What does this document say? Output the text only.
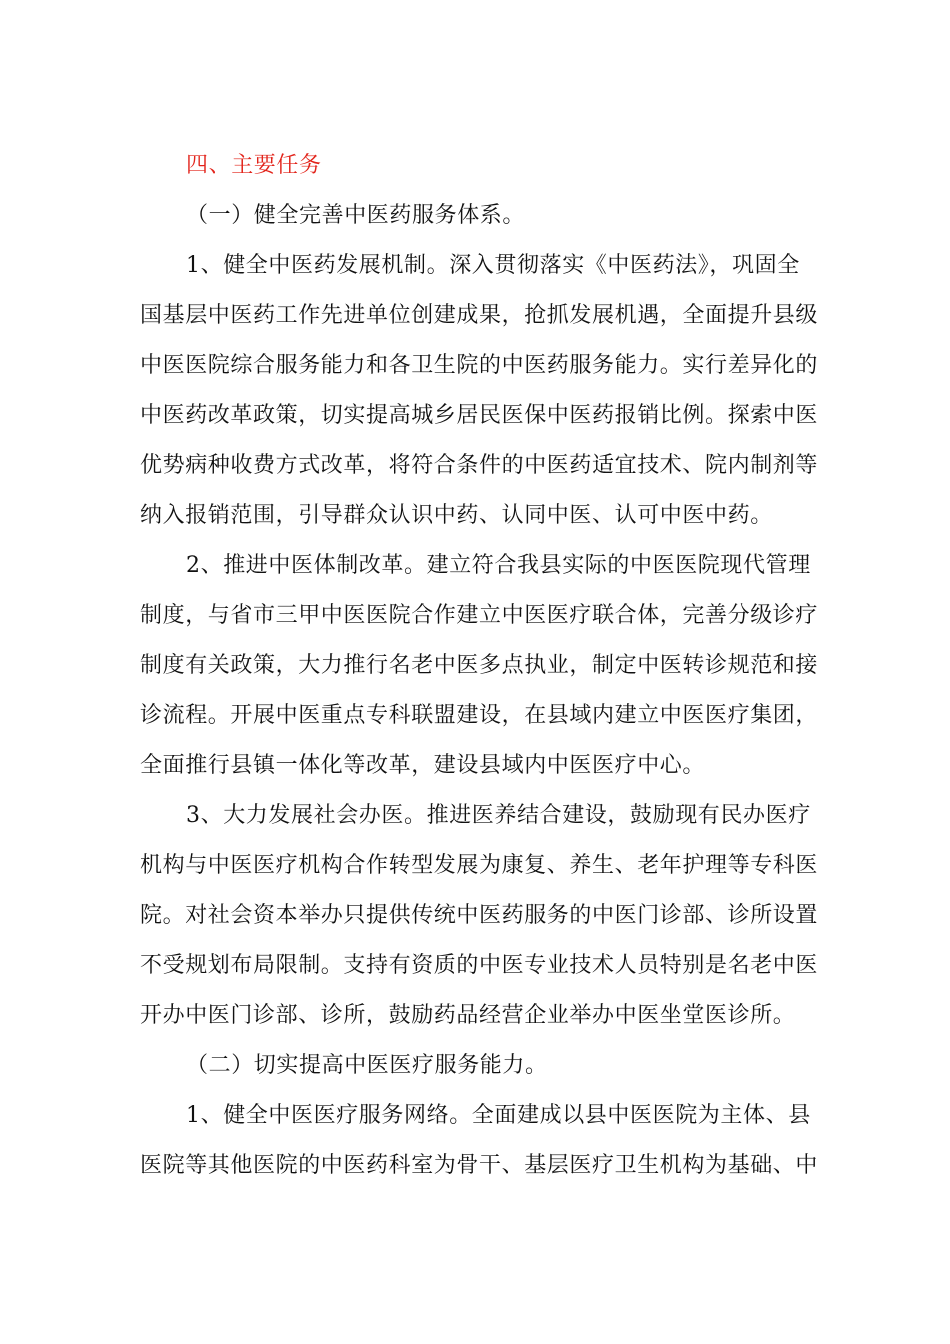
四、主要任务
（一）健全完善中医药服务体系。
1、健全中医药发展机制。深入贯彻落实《中医药法》，巩固全
国基层中医药工作先进单位创建成果，抢抓发展机遇，全面提升县级
中医医院综合服务能力和各卫生院的中医药服务能力。实行差异化的
中医药改革政策，切实提高城乡居民医保中医药报销比例。探索中医
优势病种收费方式改革，将符合条件的中医药适宜技术、院内制剂等
纳入报销范围，引导群众认识中药、认同中医、认可中医中药。
2、推进中医体制改革。建立符合我县实际的中医医院现代管理
制度，与省市三甲中医医院合作建立中医医疗联合体，完善分级诊疗
制度有关政策，大力推行名老中医多点执业，制定中医转诊规范和接
诊流程。开展中医重点专科联盟建设，在县域内建立中医医疗集团，
全面推行县镇一体化等改革，建设县域内中医医疗中心。
3、大力发展社会办医。推进医养结合建设，鼓励现有民办医疗
机构与中医医疗机构合作转型发展为康复、养生、老年护理等专科医
院。对社会资本举办只提供传统中医药服务的中医门诊部、诊所设置
不受规划布局限制。支持有资质的中医专业技术人员特别是名老中医
开办中医门诊部、诊所，鼓励药品经营企业举办中医坐堂医诊所。
（二）切实提高中医医疗服务能力。
1、健全中医医疗服务网络。全面建成以县中医医院为主体、县
医院等其他医院的中医药科室为骨干、基层医疗卫生机构为基础、中
